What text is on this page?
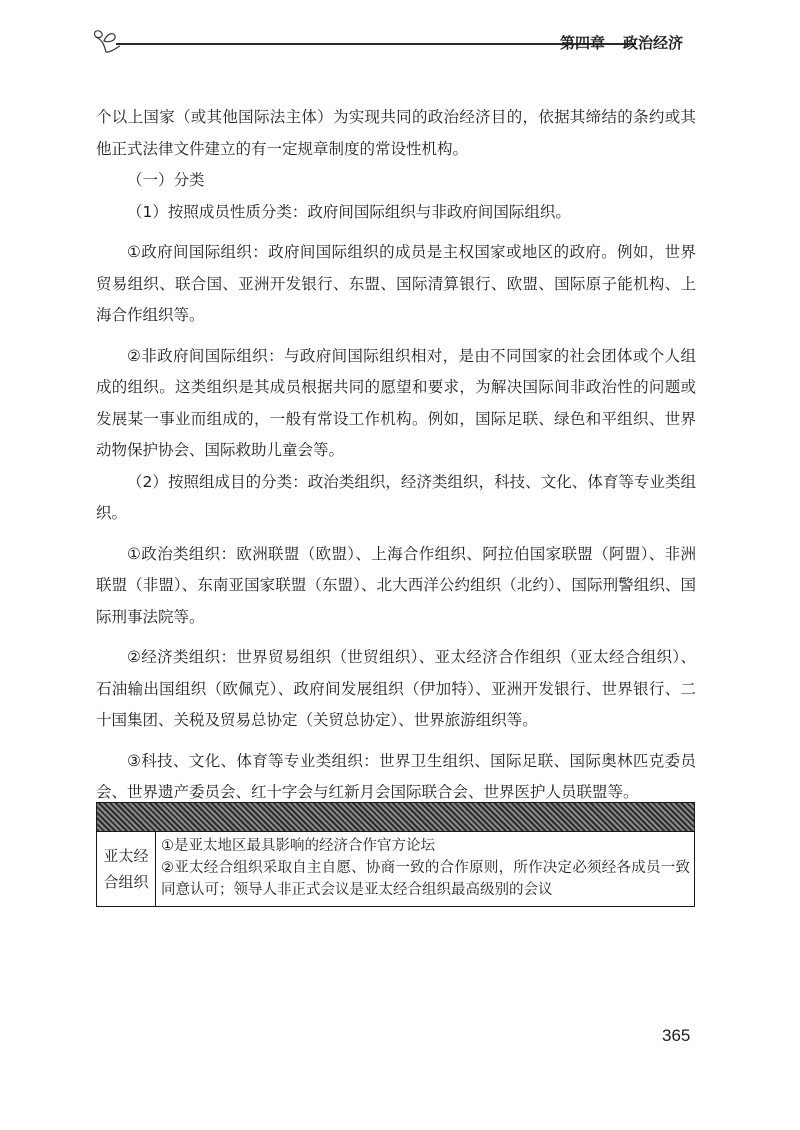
第四章 政治经济

个以上国家（或其他国际法主体）为实现共同的政治经济目的，依据其缔结的条约或其他正式法律文件建立的有一定规章制度的常设性机构。

（一）分类

（1）按照成员性质分类：政府间国际组织与非政府间国际组织。

①政府间国际组织：政府间国际组织的成员是主权国家或地区的政府。例如，世界贸易组织、联合国、亚洲开发银行、东盟、国际清算银行、欧盟、国际原子能机构、上海合作组织等。

②非政府间国际组织：与政府间国际组织相对，是由不同国家的社会团体或个人组成的组织。这类组织是其成员根据共同的愿望和要求，为解决国际间非政治性的问题或发展某一事业而组成的，一般有常设工作机构。例如，国际足联、绿色和平组织、世界动物保护协会、国际救助儿童会等。

（2）按照组成目的分类：政治类组织，经济类组织，科技、文化、体育等专业类组织。

①政治类组织：欧洲联盟（欧盟）、上海合作组织、阿拉伯国家联盟（阿盟）、非洲联盟（非盟）、东南亚国家联盟（东盟）、北大西洋公约组织（北约）、国际刑警组织、国际刑事法院等。

②经济类组织：世界贸易组织（世贸组织）、亚太经济合作组织（亚太经合组织）、石油输出国组织（欧佩克）、政府间发展组织（伊加特）、亚洲开发银行、世界银行、二十国集团、关税及贸易总协定（关贸总协定）、世界旅游组织等。

③科技、文化、体育等专业类组织：世界卫生组织、国际足联、国际奥林匹克委员会、世界遗产委员会、红十字会与红新月会国际联合会、世界医护人员联盟等。

亚太经合组织
①是亚太地区最具影响的经济合作官方论坛
②亚太经合组织采取自主自愿、协商一致的合作原则，所作决定必须经各成员一致同意认可；领导人非正式会议是亚太经合组织最高级别的会议
365
